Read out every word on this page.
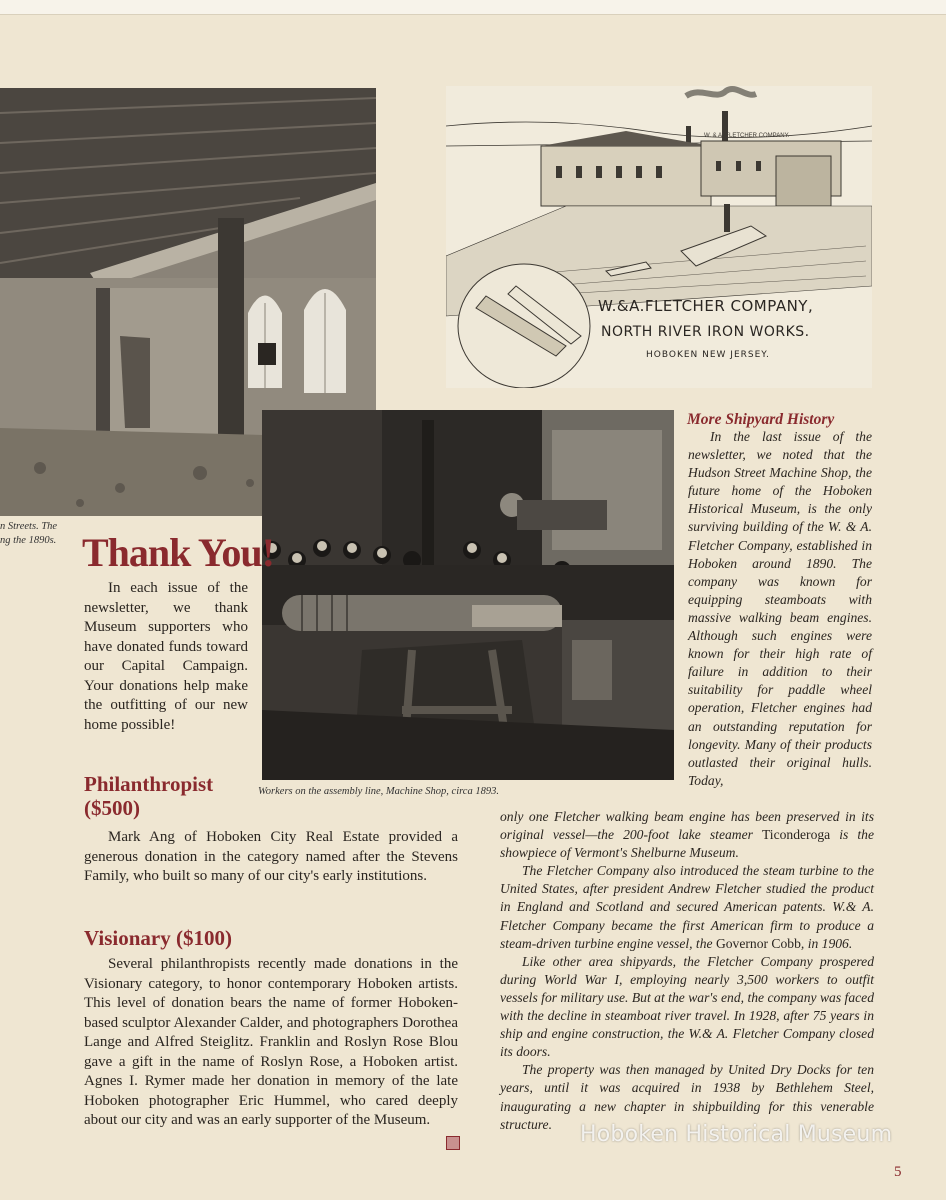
n Streets. The
ng the 1890s.
W. & A. FLETCHER COMPANY.
W.&A.FLETCHER COMPANY,
NORTH RIVER IRON WORKS.
HOBOKEN NEW JERSEY.
Workers on the assembly line, Machine Shop, circa 1893.
Thank You!

In each issue of the newsletter, we thank Museum supporters who have donated funds toward our Capital Campaign. Your donations help make the outfitting of our new home possible!

Philanthropist ($500)

Mark Ang of Hoboken City Real Estate provided a generous donation in the category named after the Stevens Family, who built so many of our city's early institutions.

Visionary ($100)

Several philanthropists recently made donations in the Visionary category, to honor contemporary Hoboken artists. This level of donation bears the name of former Hoboken-based sculptor Alexander Calder, and photographers Dorothea Lange and Alfred Steiglitz. Franklin and Roslyn Rose Blou gave a gift in the name of Roslyn Rose, a Hoboken artist. Agnes I. Rymer made her donation in memory of the late Hoboken photographer Eric Hummel, who cared deeply about our city and was an early supporter of the Museum.

More Shipyard History

In the last issue of the newsletter, we noted that the Hudson Street Machine Shop, the future home of the Hoboken Historical Museum, is the only surviving building of the W. & A. Fletcher Company, established in Hoboken around 1890. The company was known for equipping steamboats with massive walking beam engines. Although such engines were known for their high rate of failure in addition to their suitability for paddle wheel operation, Fletcher engines had an outstanding reputation for longevity. Many of their products outlasted their original hulls. Today,

only one Fletcher walking beam engine has been preserved in its original vessel—the 200-foot lake steamer Ticonderoga is the showpiece of Vermont's Shelburne Museum.

The Fletcher Company also introduced the steam turbine to the United States, after president Andrew Fletcher studied the product in England and Scotland and secured American patents. W.& A. Fletcher Company became the first American firm to produce a steam-driven turbine engine vessel, the Governor Cobb, in 1906.

Like other area shipyards, the Fletcher Company prospered during World War I, employing nearly 3,500 workers to outfit vessels for military use. But at the war's end, the company was faced with the decline in steamboat river travel. In 1928, after 75 years in ship and engine construction, the W.& A. Fletcher Company closed its doors.

The property was then managed by United Dry Docks for ten years, until it was acquired in 1938 by Bethlehem Steel, inaugurating a new chapter in shipbuilding for this venerable structure.	Hoboken Historical Museum
5
